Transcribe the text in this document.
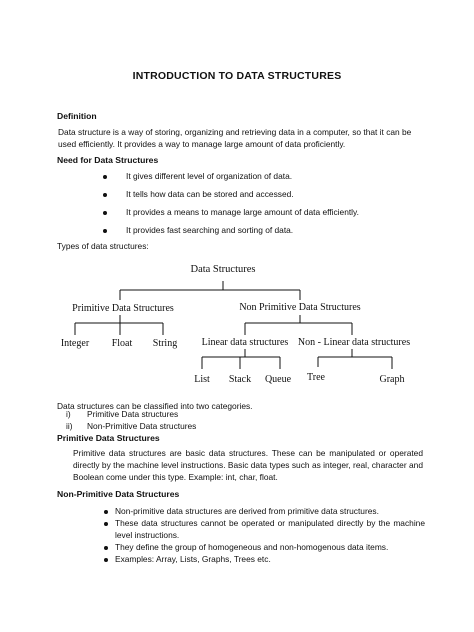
INTRODUCTION TO DATA STRUCTURES
Definition
Data structure is a way of storing, organizing and retrieving data in a computer, so that it can be used efficiently. It provides a way to manage large amount of data proficiently.
Need for Data Structures
It gives different level of organization of data.
It tells how data can be stored and accessed.
It provides a means to manage large amount of data efficiently.
It provides fast searching and sorting of data.
Types of data structures:
Data Structures
Primitive Data Structures	Non Primitive Data Structures
Integer Float String Linear data structures Non - Linear data structures
List Stack Queue Tree	Graph
Data structures can be classified into two categories.
i) Primitive Data structures
ii) Non-Primitive Data structures
Primitive Data Structures
Primitive data structures are basic data structures. These can be manipulated or operated directly by the machine level instructions. Basic data types such as integer, real, character and Boolean come under this type. Example: int, char, float.
Non-Primitive Data Structures
Non-primitive data structures are derived from primitive data structures.
These data structures cannot be operated or manipulated directly by the machine level instructions.
They define the group of homogeneous and non-homogenous data items.
Examples: Array, Lists, Graphs, Trees etc.
